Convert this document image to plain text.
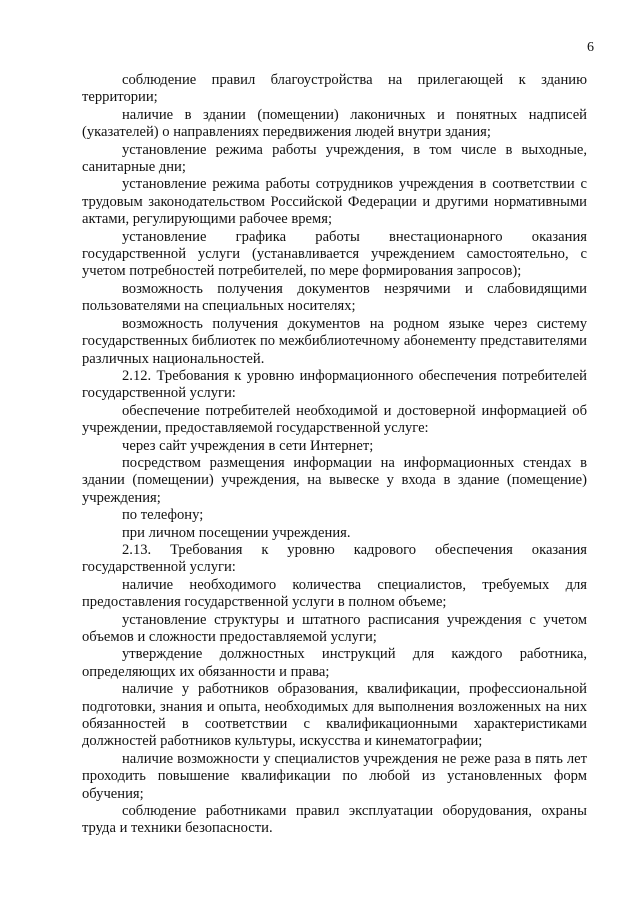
6

соблюдение правил благоустройства на прилегающей к зданию территории;

наличие в здании (помещении) лаконичных и понятных надписей (указателей) о направлениях передвижения людей внутри здания;

установление режима работы учреждения, в том числе в выходные, санитарные дни;

установление режима работы сотрудников учреждения в соответствии с трудовым законодательством Российской Федерации и другими нормативными актами, регулирующими рабочее время;

установление графика работы внестационарного оказания государственной услуги (устанавливается учреждением самостоятельно, с учетом потребностей потребителей, по мере формирования запросов);

возможность получения документов незрячими и слабовидящими пользователями на специальных носителях;

возможность получения документов на родном языке через систему государственных библиотек по межбиблиотечному абонементу представителями различных национальностей.

2.12. Требования к уровню информационного обеспечения потребителей государственной услуги:

обеспечение потребителей необходимой и достоверной информацией об учреждении, предоставляемой государственной услуге:

через сайт учреждения в сети Интернет;

посредством размещения информации на информационных стендах в здании (помещении) учреждения, на вывеске у входа в здание (помещение) учреждения;

по телефону;

при личном посещении учреждения.

2.13. Требования к уровню кадрового обеспечения оказания государственной услуги:

наличие необходимого количества специалистов, требуемых для предоставления государственной услуги в полном объеме;

установление структуры и штатного расписания учреждения с учетом объемов и сложности предоставляемой услуги;

утверждение должностных инструкций для каждого работника, определяющих их обязанности и права;

наличие у работников образования, квалификации, профессиональной подготовки, знания и опыта, необходимых для выполнения возложенных на них обязанностей в соответствии с квалификационными характеристиками должностей работников культуры, искусства и кинематографии;

наличие возможности у специалистов учреждения не реже раза в пять лет проходить повышение квалификации по любой из установленных форм обучения;

соблюдение работниками правил эксплуатации оборудования, охраны труда и техники безопасности.
